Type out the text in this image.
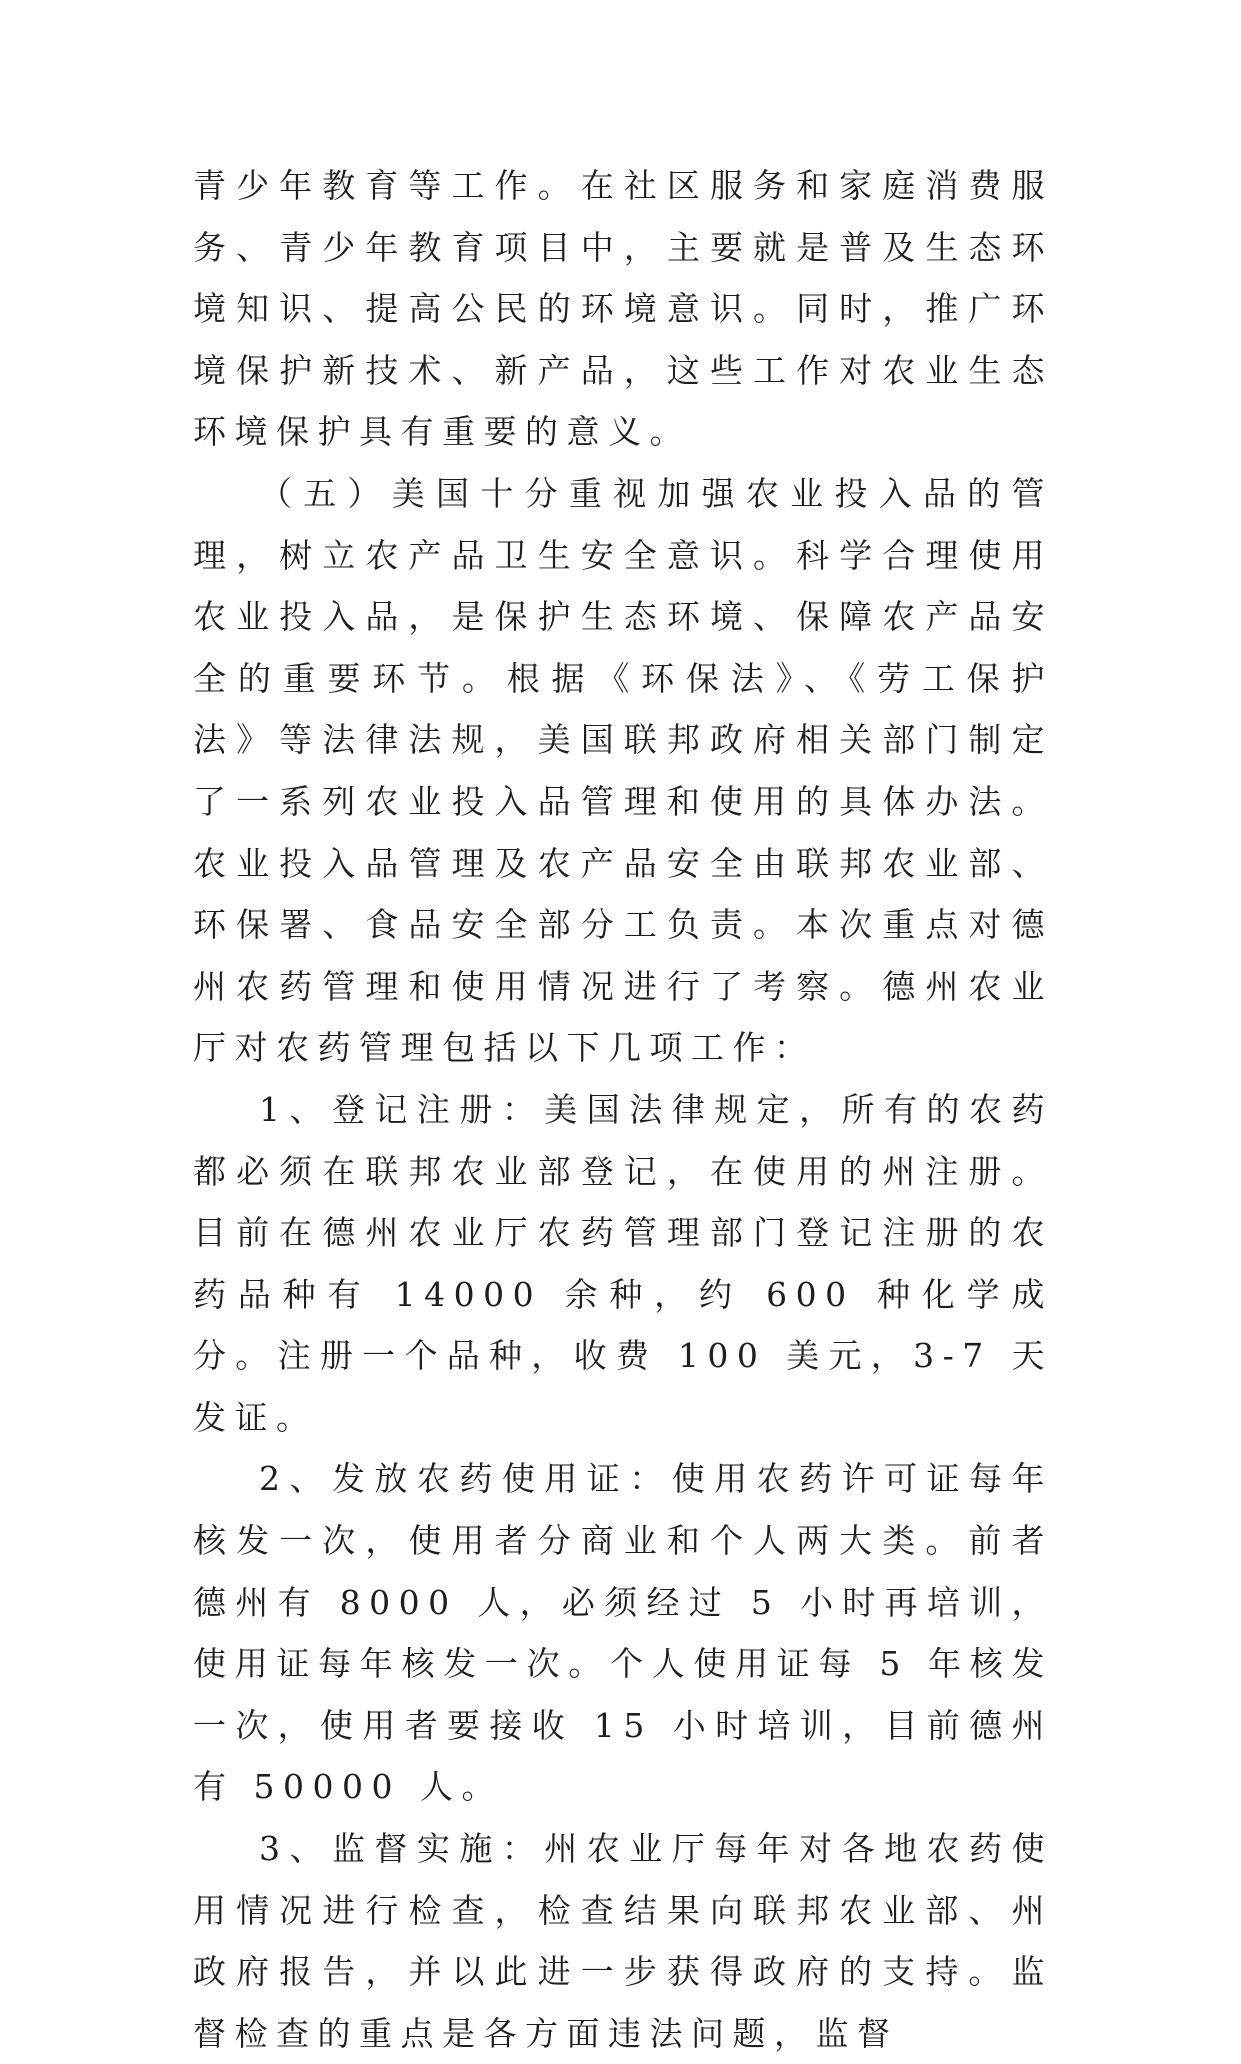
青少年教育等工作。在社区服务和家庭消费服务、青少年教育项目中，主要就是普及生态环境知识、提高公民的环境意识。同时，推广环境保护新技术、新产品，这些工作对农业生态环境保护具有重要的意义。

（五）美国十分重视加强农业投入品的管理，树立农产品卫生安全意识。科学合理使用农业投入品，是保护生态环境、保障农产品安全的重要环节。根据《环保法》、《劳工保护法》等法律法规，美国联邦政府相关部门制定了一系列农业投入品管理和使用的具体办法。农业投入品管理及农产品安全由联邦农业部、环保署、食品安全部分工负责。本次重点对德州农药管理和使用情况进行了考察。德州农业厅对农药管理包括以下几项工作：

1、登记注册：美国法律规定，所有的农药都必须在联邦农业部登记，在使用的州注册。目前在德州农业厅农药管理部门登记注册的农药品种有 14000 余种，约 600 种化学成分。注册一个品种，收费 100 美元，3-7 天发证。

2、发放农药使用证：使用农药许可证每年核发一次，使用者分商业和个人两大类。前者德州有 8000 人，必须经过 5 小时再培训，使用证每年核发一次。个人使用证每 5 年核发一次，使用者要接收 15 小时培训，目前德州有 50000 人。

3、监督实施：州农业厅每年对各地农药使用情况进行检查，检查结果向联邦农业部、州政府报告，并以此进一步获得政府的支持。监督检查的重点是各方面违法问题，监督
